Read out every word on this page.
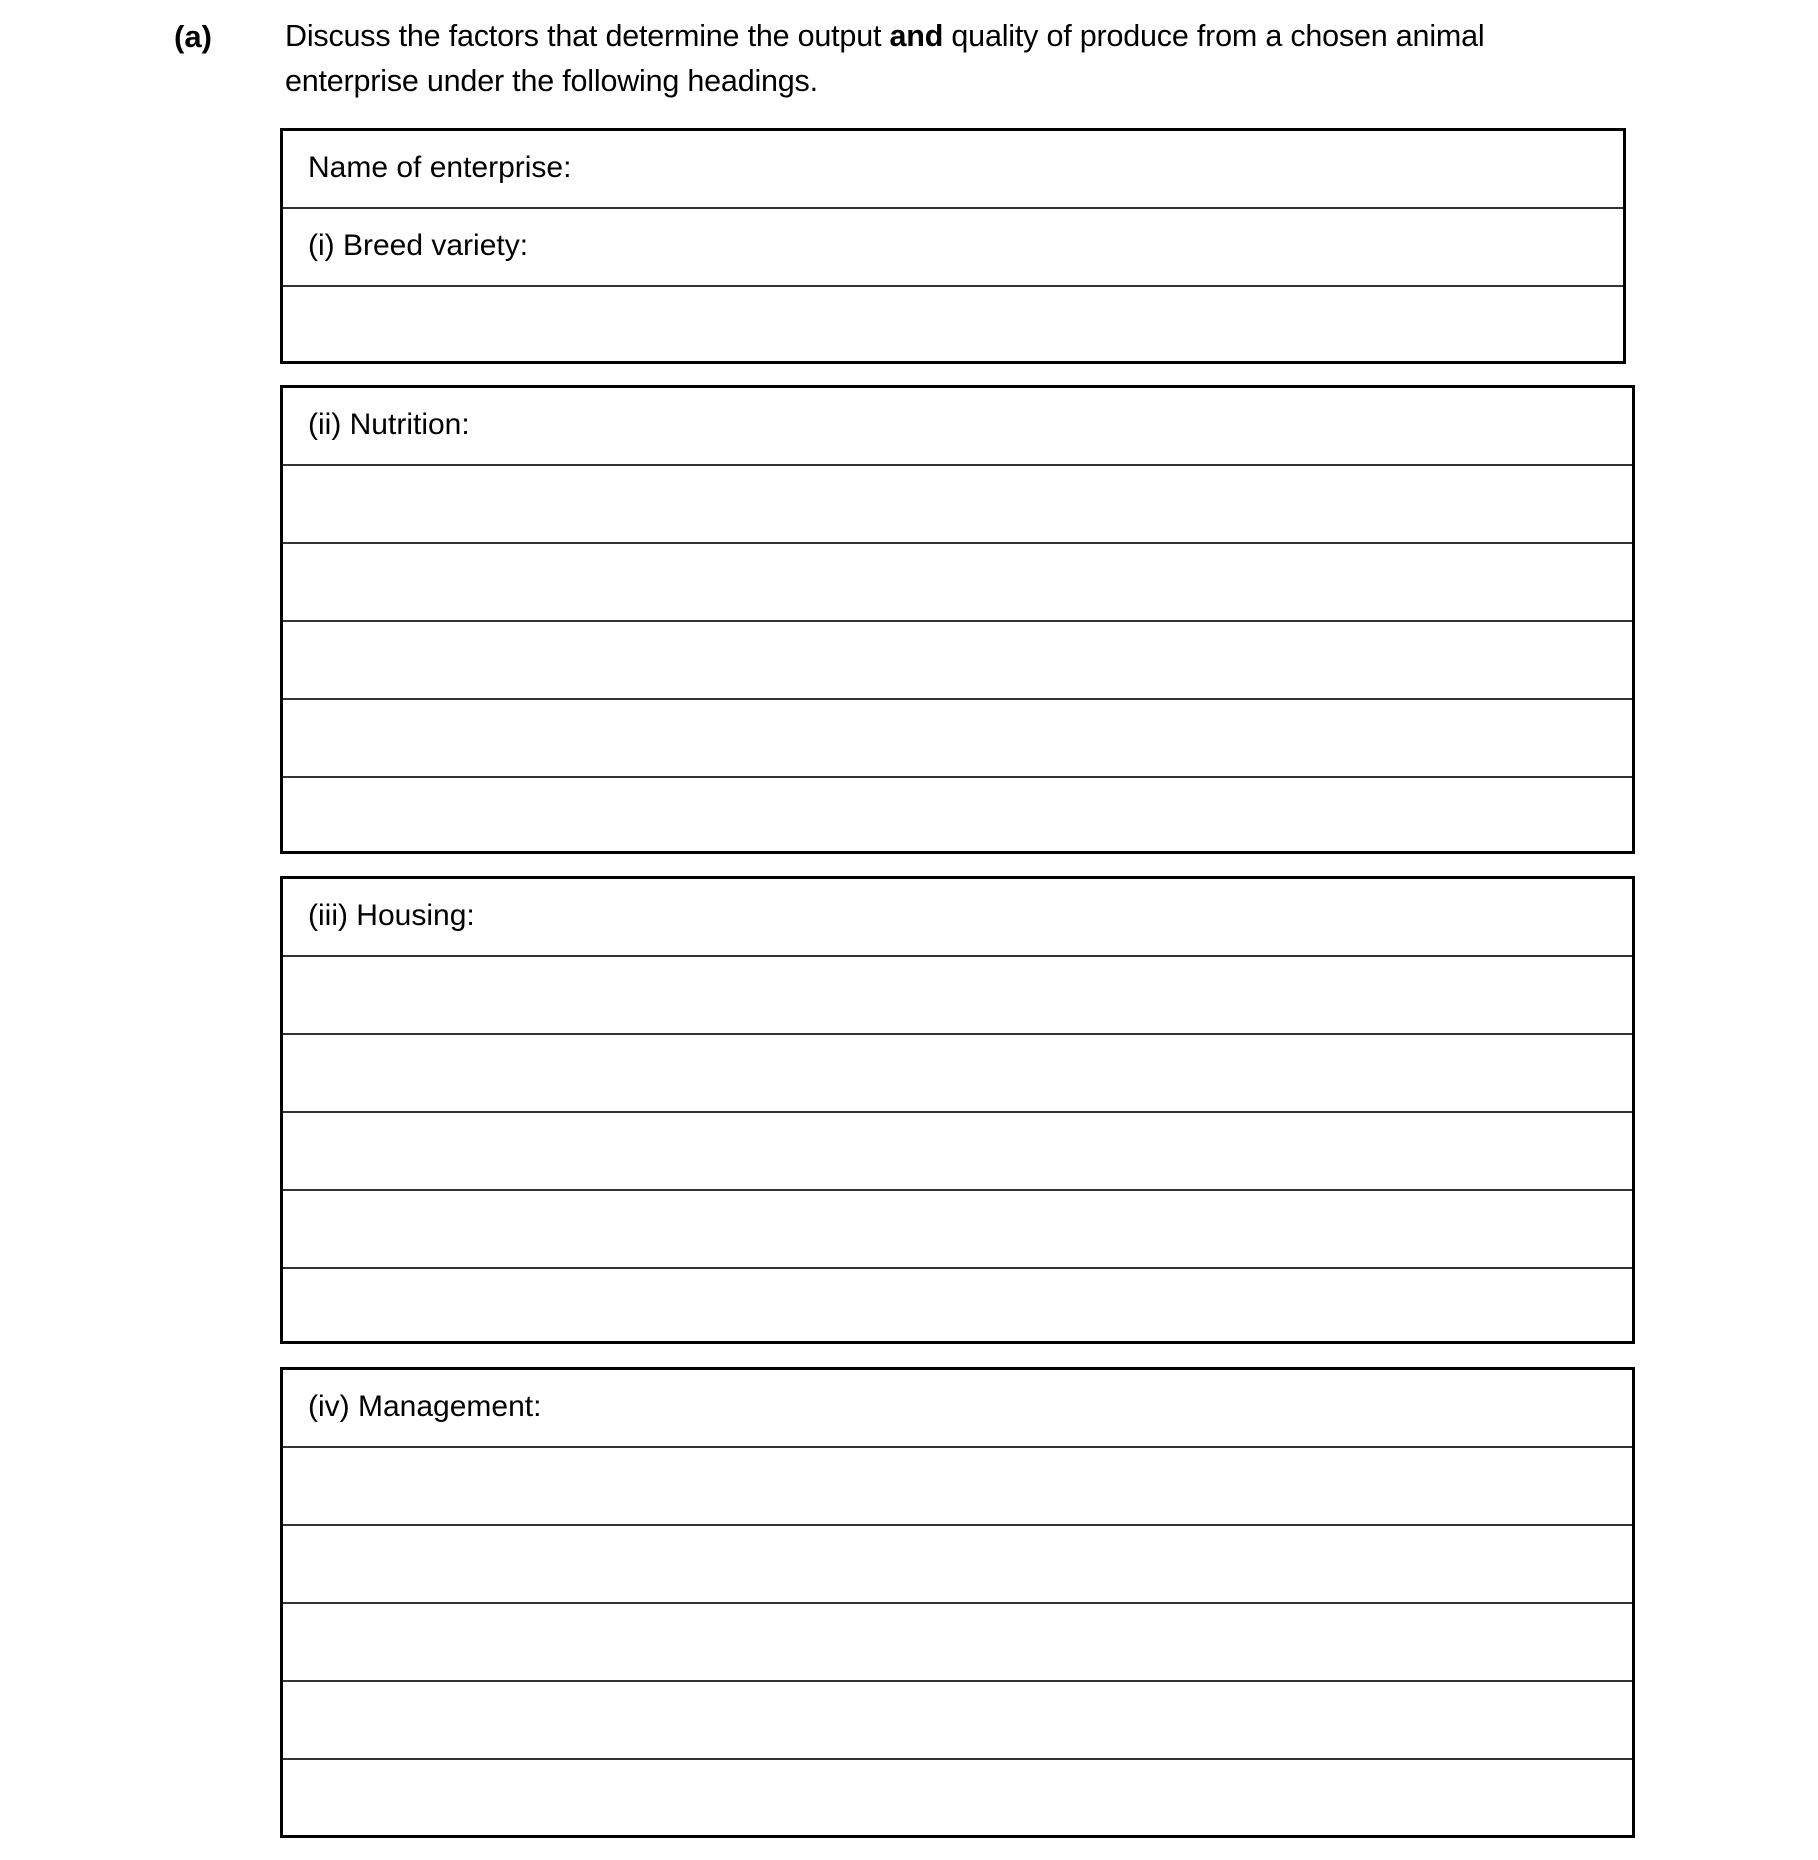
(a) Discuss the factors that determine the output and quality of produce from a chosen animal
enterprise under the following headings.
Name of enterprise:
(i) Breed variety:
(ii) Nutrition:
(iii) Housing:
(iv) Management:
